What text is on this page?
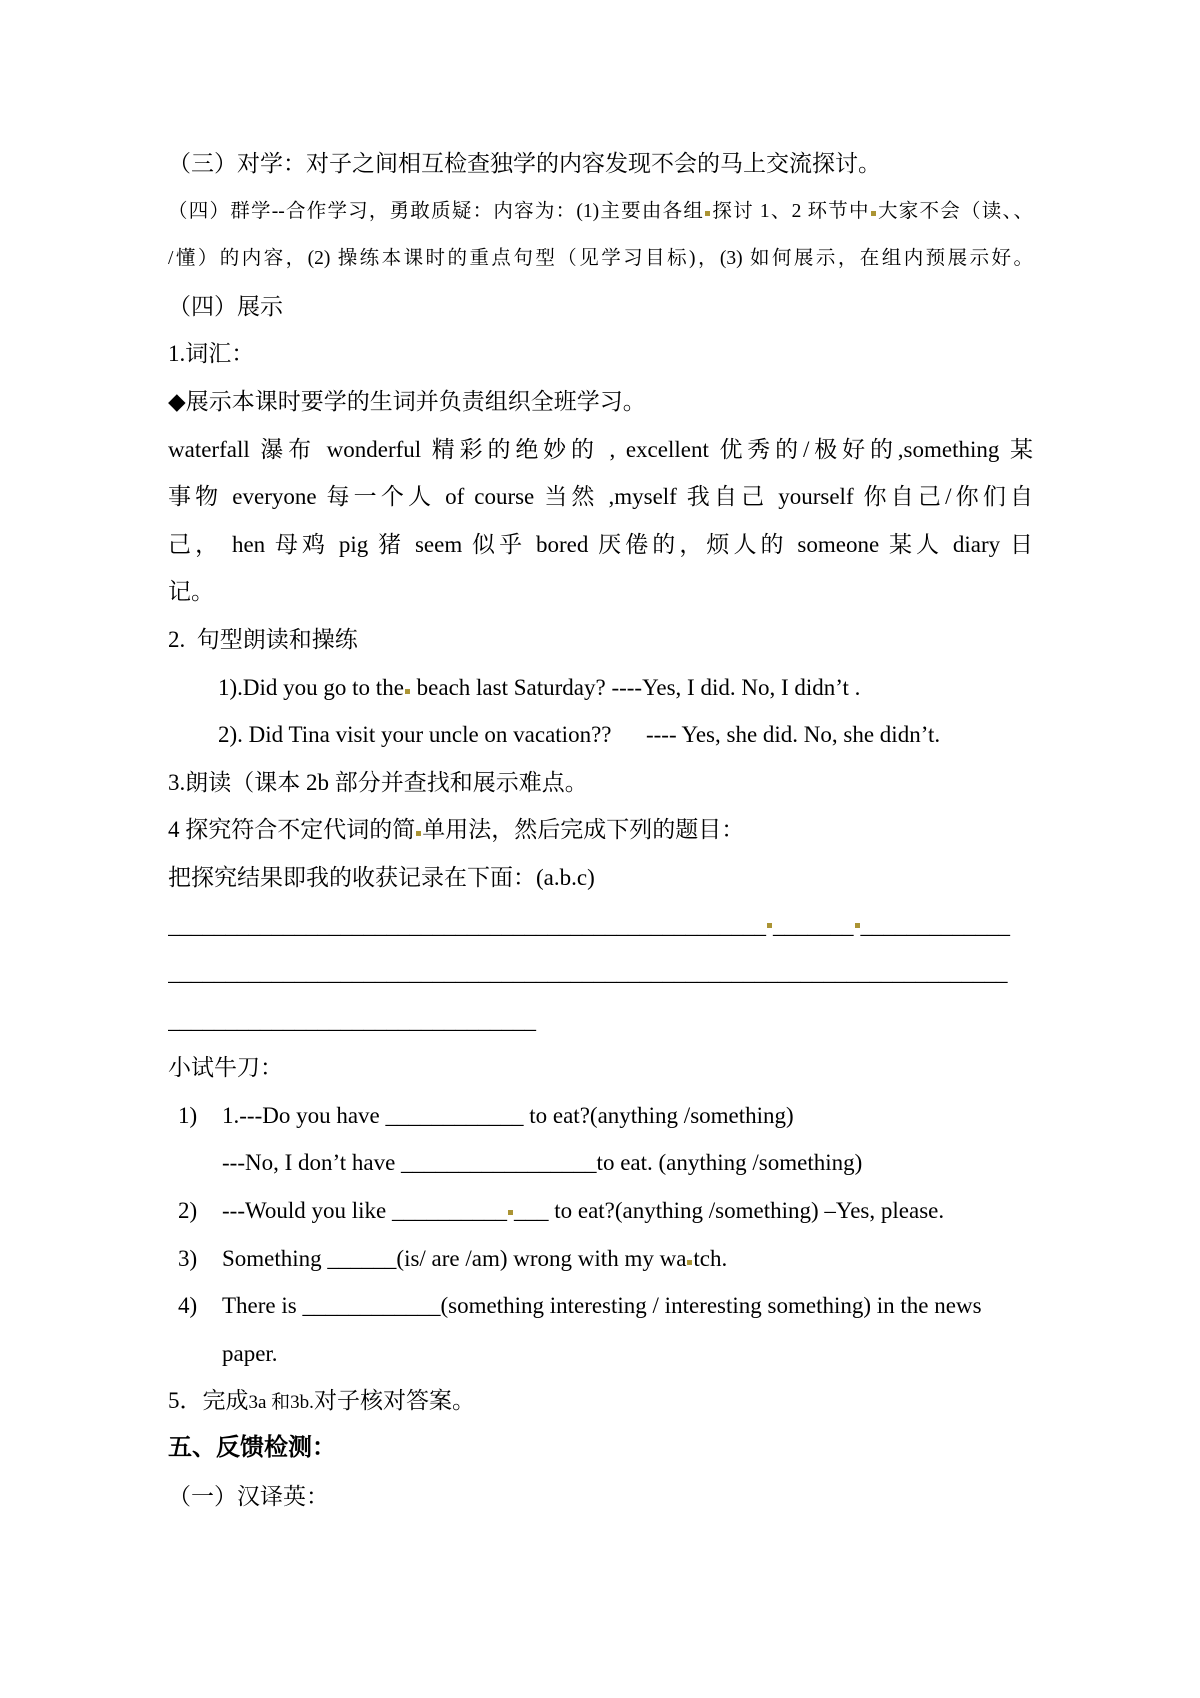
（三）对学：对子之间相互检查独学的内容发现不会的马上交流探讨。
（四）群学--合作学习，勇敢质疑：内容为：(1)主要由各组 探讨 1、2 环节中 大家不会（读、、
/懂）的内容，(2) 操练本课时的重点句型（见学习目标)，(3) 如何展示，在组内预展示好。
（四）展示
1.词汇：
◆展示本课时要学的生词并负责组织全班学习。
waterfall 瀑布 wonderful 精彩的绝妙的 , excellent 优秀的/极好的,something 某
事物 everyone 每一个人 of course 当然 ,myself 我自己 yourself 你自己/你们自
己， hen 母鸡 pig 猪 seem 似乎 bored 厌倦的，烦人的 someone 某人 diary 日
记。
2.  句型朗读和操练
1).Did you go to the beach last Saturday? ----Yes, I did. No, I didn’t .
2). Did Tina visit your uncle on vacation??      ---- Yes, she did. No, she didn’t.
3.朗读（课本 2b 部分并查找和展示难点。
4 探究符合不定代词的简 单用法，然后完成下列的题目：
把探究结果即我的收获记录在下面：(a.b.c)
____________________________________________________ _______ _____________
_________________________________________________________________________
________________________________
小试牛刀：
1) 1.---Do you have ____________ to eat?(anything /something)
---No, I don’t have _________________to eat. (anything /something)
2) ---Would you like __________ ___ to eat?(anything /something) –Yes, please.
3) Something ______(is/ are /am) wrong with my wa tch.
4) There is ____________(something interesting / interesting something) in the news
paper.
5．完成3a 和3b.对子核对答案。
五、反馈检测：
（一）汉译英：
